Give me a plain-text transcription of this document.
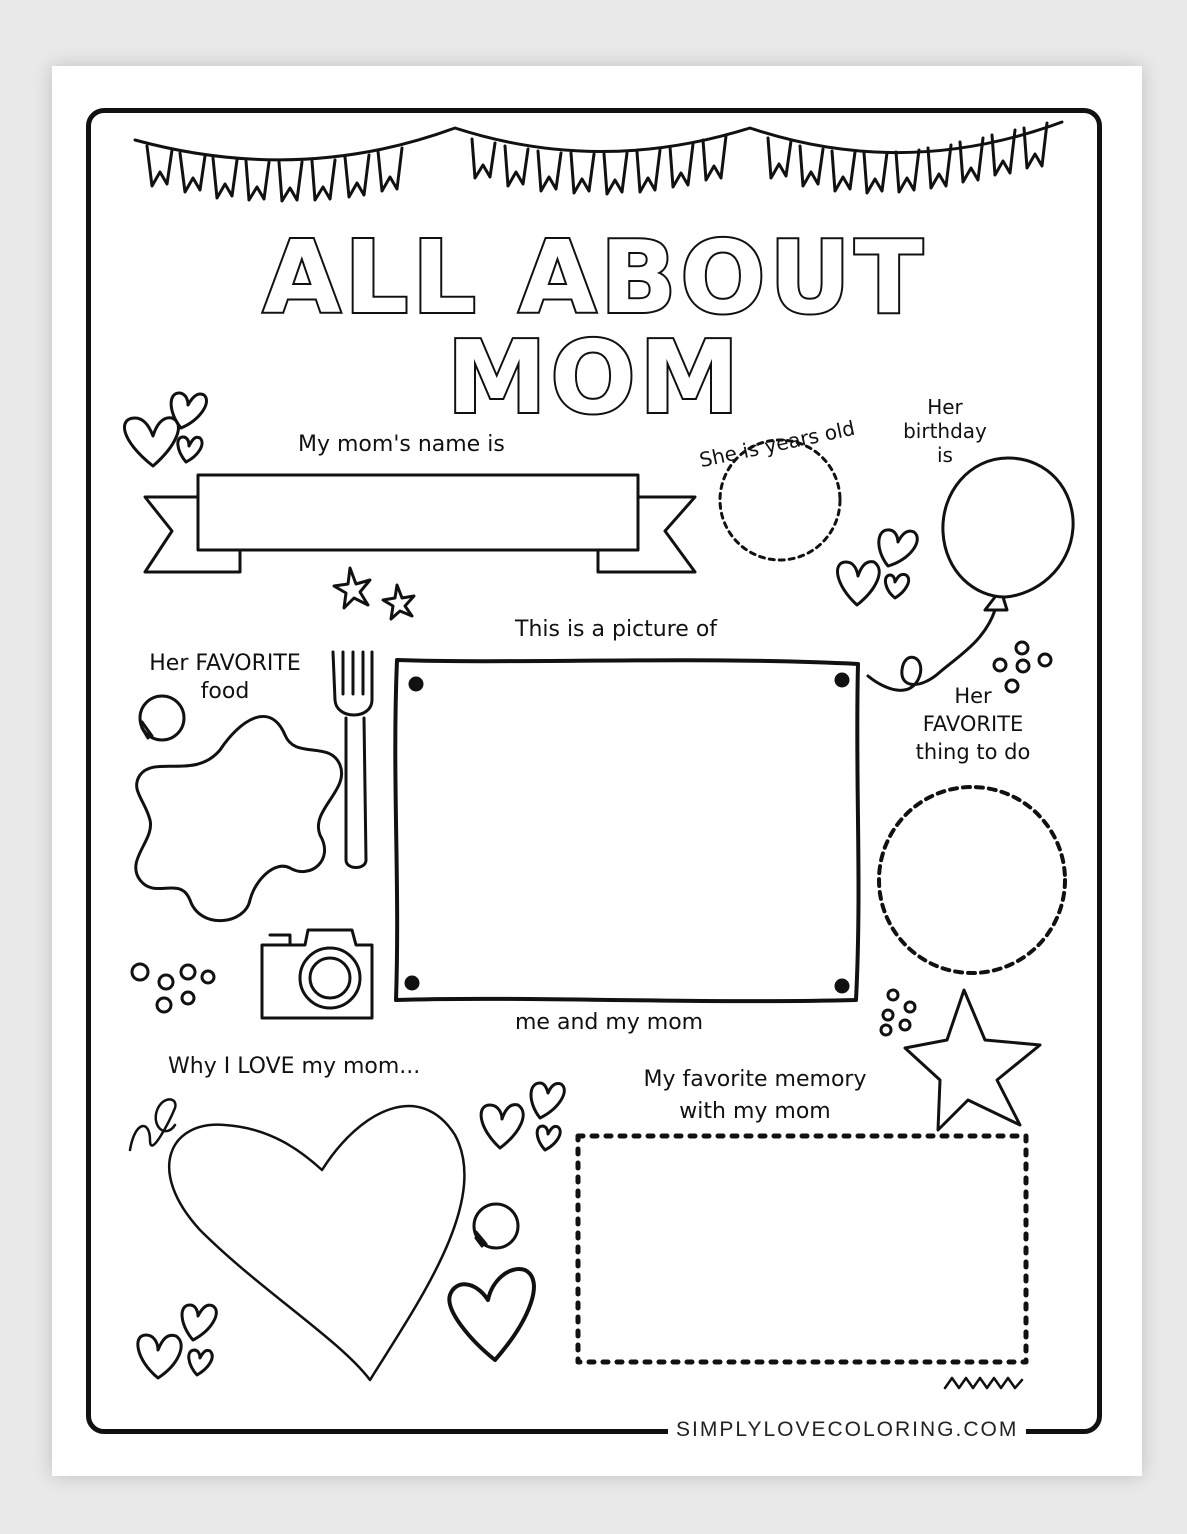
ALL ABOUT MOM
My mom's name is	She is years old
Her
birthday
is
This is a picture of
me and my mom
Her FAVORITE
food	Her
FAVORITE
thing to do
Why I LOVE my mom...
My favorite memory
with my mom
SIMPLYLOVECOLORING.COM
